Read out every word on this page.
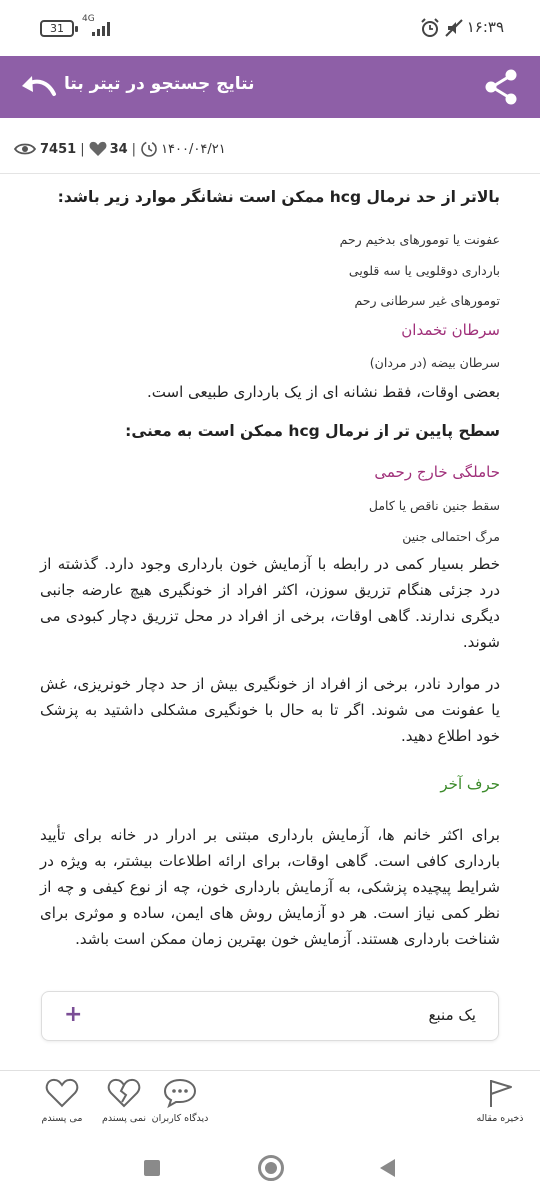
31
4G	۱۶:۳۹
نتایج جستجو در تیتر بتا
7451 | 34 | ۱۴۰۰/۰۴/۲۱
بالاتر از حد نرمال hcg ممکن است نشانگر موارد زیر باشد:
عفونت یا تومورهای بدخیم رحم
بارداری دوقلویی یا سه قلویی
تومورهای غیر سرطانی رحم
سرطان تخمدان
سرطان بیضه (در مردان)
بعضی اوقات، فقط نشانه ای از یک بارداری طبیعی است.
سطح پایین تر از نرمال hcg ممکن است به معنی:
حاملگی خارج رحمی
سقط جنین ناقص یا کامل
مرگ احتمالی جنین
خطر بسیار کمی در رابطه با آزمایش خون بارداری وجود دارد. گذشته از درد جزئی هنگام تزریق سوزن، اکثر افراد از خونگیری هیچ عارضه جانبی دیگری ندارند. گاهی اوقات، برخی از افراد در محل تزریق دچار کبودی می شوند.
در موارد نادر، برخی از افراد از خونگیری بیش از حد دچار خونریزی، غش یا عفونت می شوند. اگر تا به حال با خونگیری مشکلی داشتید به پزشک خود اطلاع دهید.
حرف آخر
برای اکثر خانم ها، آزمایش بارداری مبتنی بر ادرار در خانه برای تأیید بارداری کافی است. گاهی اوقات، برای ارائه اطلاعات بیشتر، به ویژه در شرایط پیچیده پزشکی، به آزمایش بارداری خون، چه از نوع کیفی و چه از نظر کمی نیاز است. هر دو آزمایش روش های ایمن، ساده و موثری برای شناخت بارداری هستند. آزمایش خون بهترین زمان ممکن است باشد.
یک منبع
+
می پسندم	نمی پسندم دیدگاه کاربران	ذخیره مقاله
